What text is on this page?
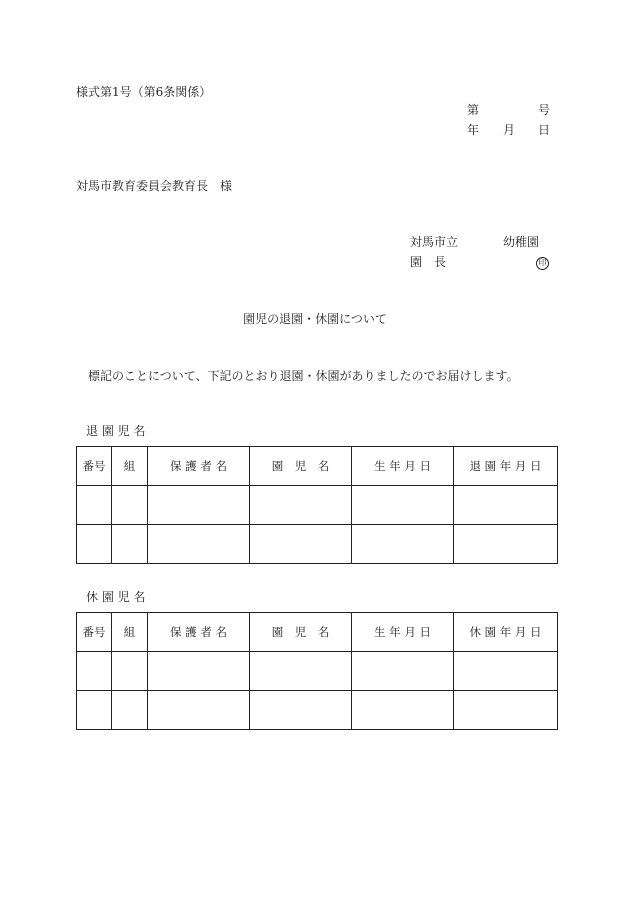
様式第1号（第6条関係）
第	号
年 月 日
対馬市教育委員会教育長　様
対馬市立	幼稚園
園　長	印
園児の退園・休園について
標記のことについて、下記のとおり退園・休園がありましたのでお届けします。
退 園 児 名
番号	組	保 護 者 名	園　児　名	生 年 月 日	退 園 年 月 日

休 園 児 名
番号	組	保 護 者 名	園　児　名	生 年 月 日	休 園 年 月 日
